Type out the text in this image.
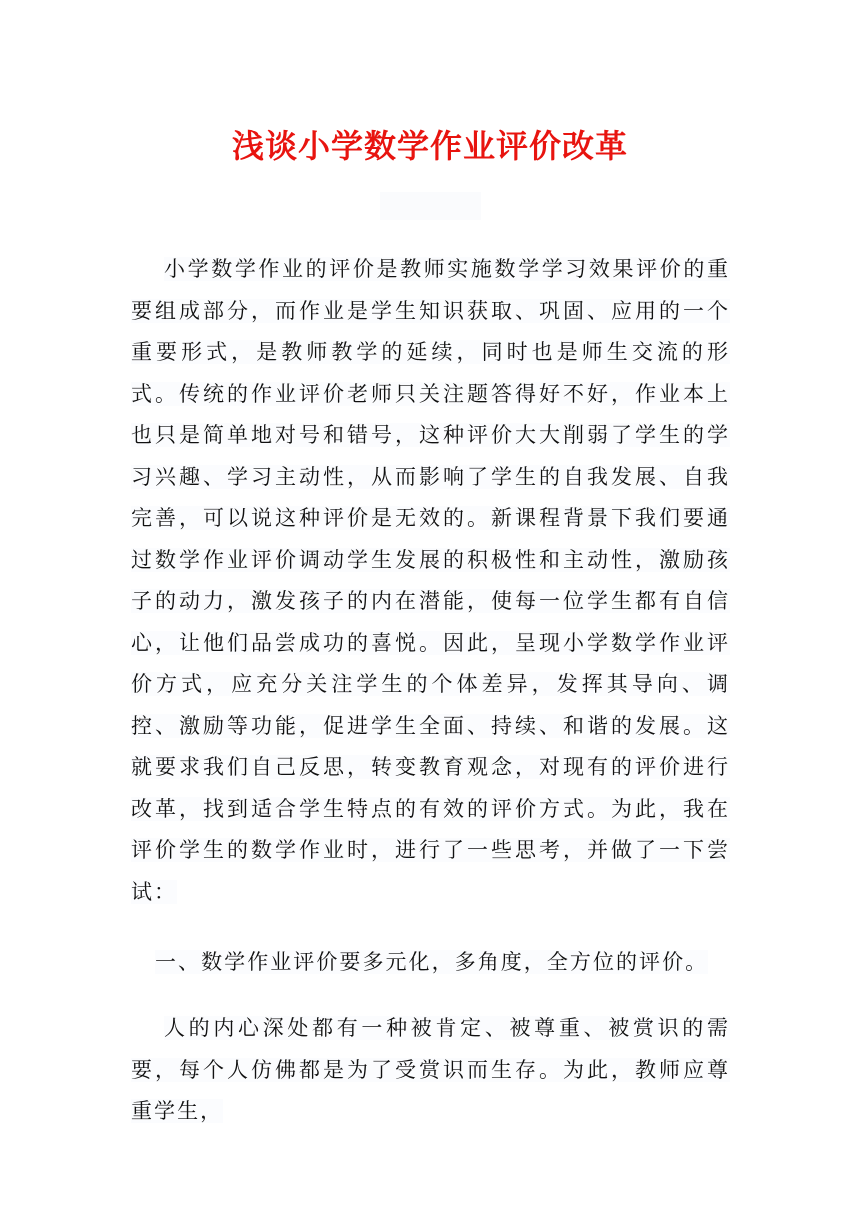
浅谈小学数学作业评价改革

小学数学作业的评价是教师实施数学学习效果评价的重要组成部分，而作业是学生知识获取、巩固、应用的一个重要形式，是教师教学的延续，同时也是师生交流的形式。传统的作业评价老师只关注题答得好不好，作业本上也只是简单地对号和错号，这种评价大大削弱了学生的学习兴趣、学习主动性，从而影响了学生的自我发展、自我完善，可以说这种评价是无效的。新课程背景下我们要通过数学作业评价调动学生发展的积极性和主动性，激励孩子的动力，激发孩子的内在潜能，使每一位学生都有自信心，让他们品尝成功的喜悦。因此，呈现小学数学作业评价方式，应充分关注学生的个体差异，发挥其导向、调控、激励等功能，促进学生全面、持续、和谐的发展。这就要求我们自己反思，转变教育观念，对现有的评价进行改革，找到适合学生特点的有效的评价方式。为此，我在评价学生的数学作业时，进行了一些思考，并做了一下尝试：

一、数学作业评价要多元化，多角度，全方位的评价。

人的内心深处都有一种被肯定、被尊重、被赏识的需要，每个人仿佛都是为了受赏识而生存。为此，教师应尊重学生，
